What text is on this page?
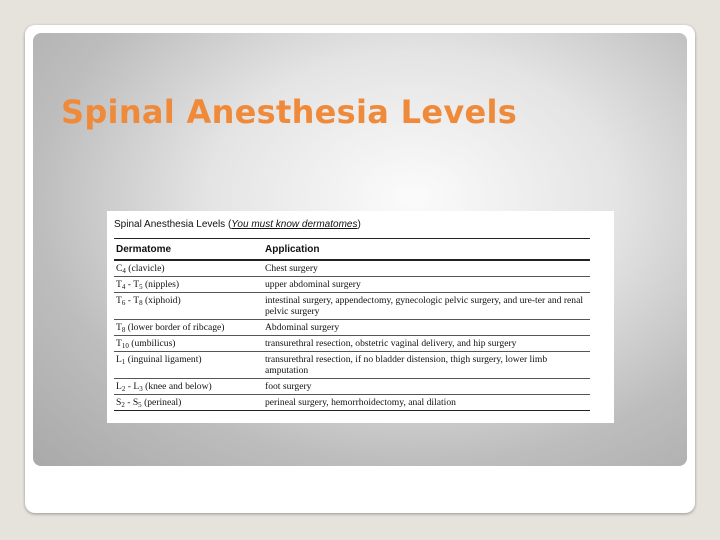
Spinal Anesthesia Levels
Spinal Anesthesia Levels (You must know dermatomes)
Dermatome	Application
$C_4$ (clavicle)	Chest surgery
$T_4 - T_5$ (nipples)	upper abdominal surgery
$T_6 - T_8$ (xiphoid)	intestinal surgery, appendectomy, gynecologic pelvic surgery, and ure-ter and renal pelvic surgery
$T_8$ (lower border of ribcage)	Abdominal surgery
$T_{10}$ (umbilicus)	transurethral resection, obstetric vaginal delivery, and hip surgery
$L_1$ (inguinal ligament)	transurethral resection, if no bladder distension, thigh surgery, lower limb amputation
$L_2 - L_3$ (knee and below)	foot surgery
$S_2 - S_5$ (perineal)	perineal surgery, hemorrhoidectomy, anal dilation
